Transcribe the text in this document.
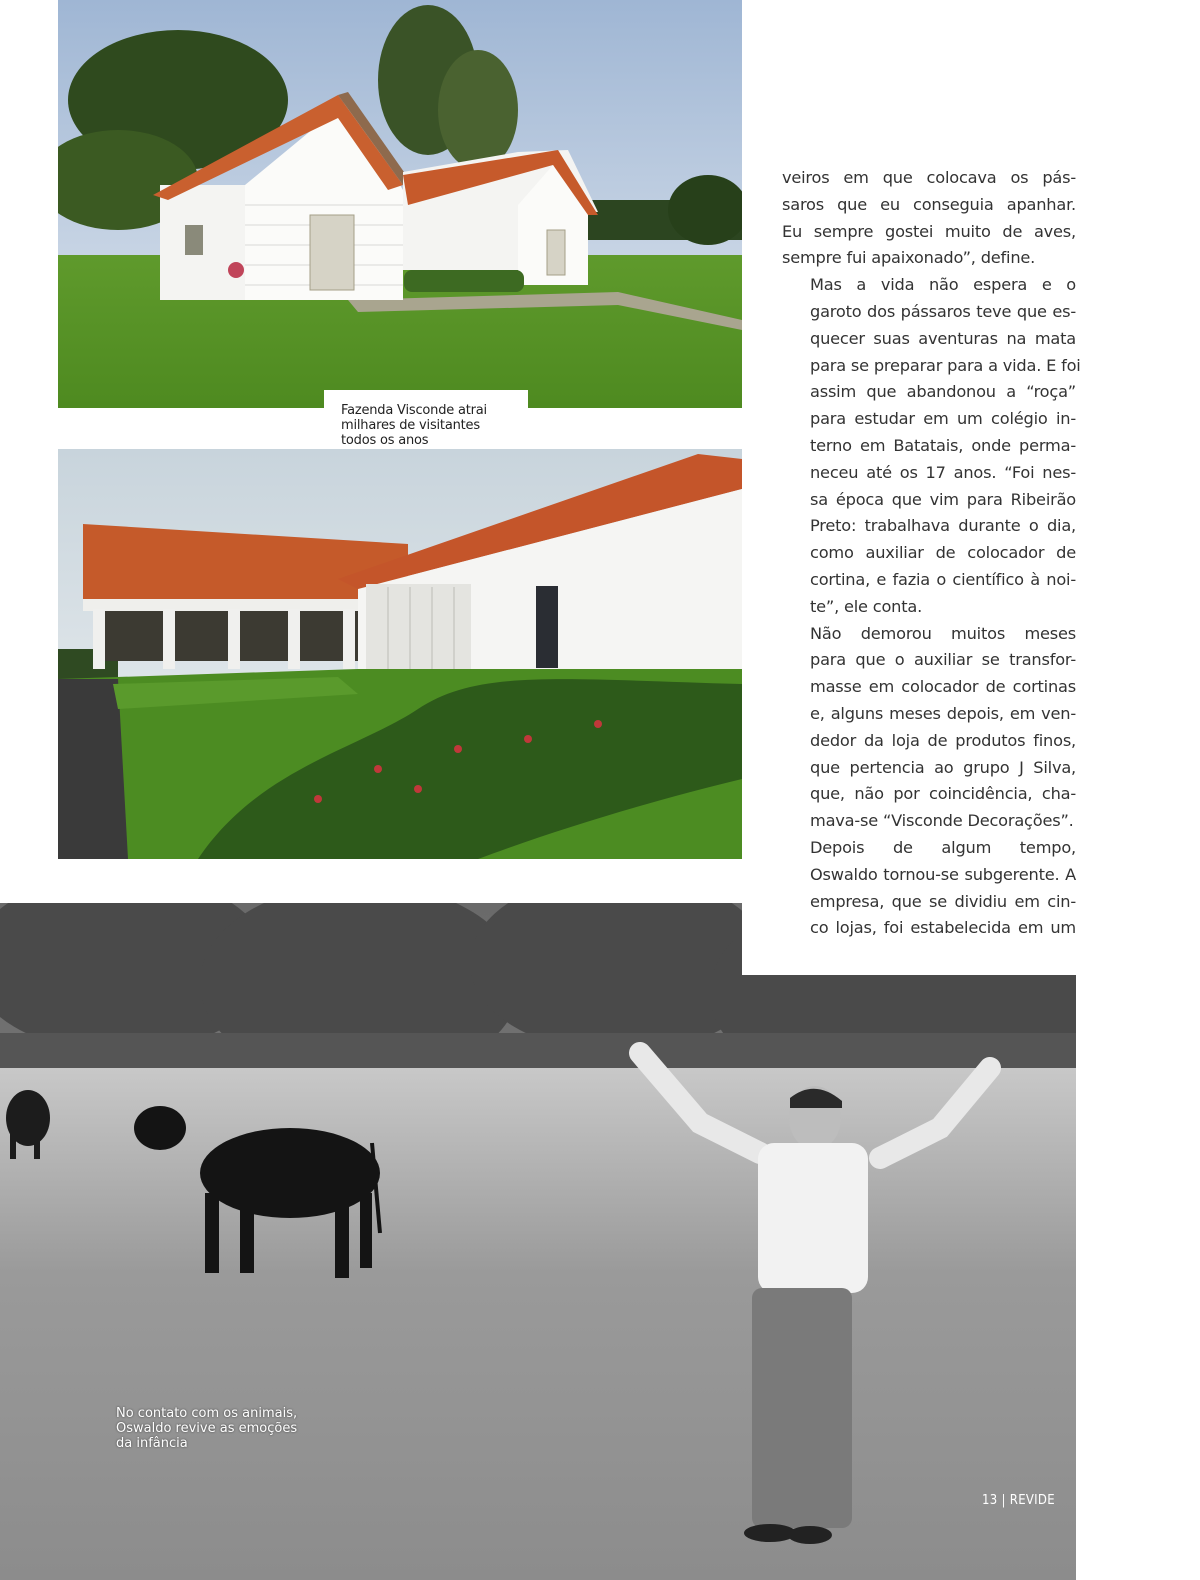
Fazenda Visconde atrai milhares de visitantes todos os anos
No contato com os animais, Oswaldo revive as emoções da infância
13 | REVIDE

veiros em que colocava os pás-
saros que eu conseguia apanhar.
Eu sempre gostei muito de aves,
sempre fui apaixonado”, define.

Mas a vida não espera e o
garoto dos pássaros teve que es-
quecer suas aventuras na mata
para se preparar para a vida. E foi
assim que abandonou a “roça”
para estudar em um colégio in-
terno em Batatais, onde perma-
neceu até os 17 anos. “Foi nes-
sa época que vim para Ribeirão
Preto: trabalhava durante o dia,
como auxiliar de colocador de
cortina, e fazia o científico à noi-
te”, ele conta.

Não demorou muitos meses
para que o auxiliar se transfor-
masse em colocador de cortinas
e, alguns meses depois, em ven-
dedor da loja de produtos finos,
que pertencia ao grupo J Silva,
que, não por coincidência, cha-
mava-se “Visconde Decorações”.

Depois de algum tempo,
Oswaldo tornou-se subgerente. A
empresa, que se dividiu em cin-
co lojas, foi estabelecida em um
